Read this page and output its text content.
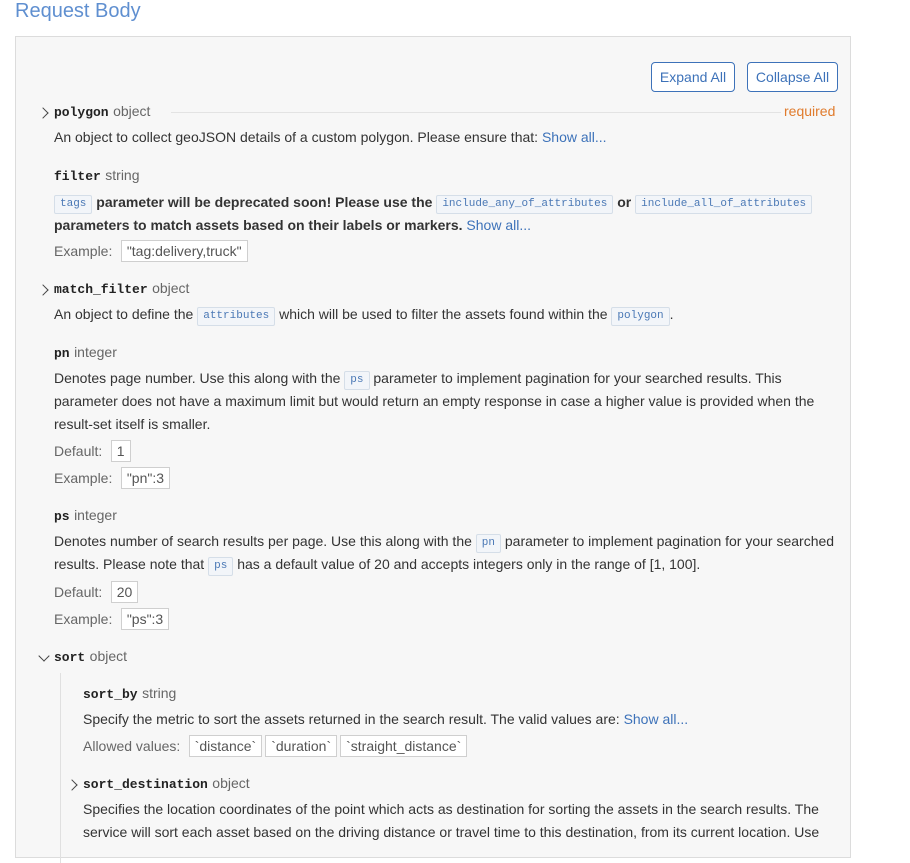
Request Body
Expand All	Collapse All
polygon object	required
An object to collect geoJSON details of a custom polygon. Please ensure that: Show all...
filter string
tags parameter will be deprecated soon! Please use the include_any_of_attributes or include_all_of_attributes
parameters to match assets based on their labels or markers. Show all...
Example: "tag:delivery,truck"
match_filter object
An object to define the attributes which will be used to filter the assets found within the polygon .
pn integer
Denotes page number. Use this along with the ps parameter to implement pagination for your searched results. This
parameter does not have a maximum limit but would return an empty response in case a higher value is provided when the
result-set itself is smaller.
Default: 1
Example: "pn":3
ps integer
Denotes number of search results per page. Use this along with the pn parameter to implement pagination for your searched
results. Please note that ps has a default value of 20 and accepts integers only in the range of [1, 100].
Default: 20
Example: "ps":3
sort object
sort_by string
Specify the metric to sort the assets returned in the search result. The valid values are: Show all...
Allowed values: `distance` `duration` `straight_distance`
sort_destination object
Specifies the location coordinates of the point which acts as destination for sorting the assets in the search results. The
service will sort each asset based on the driving distance or travel time to this destination, from its current location. Use
